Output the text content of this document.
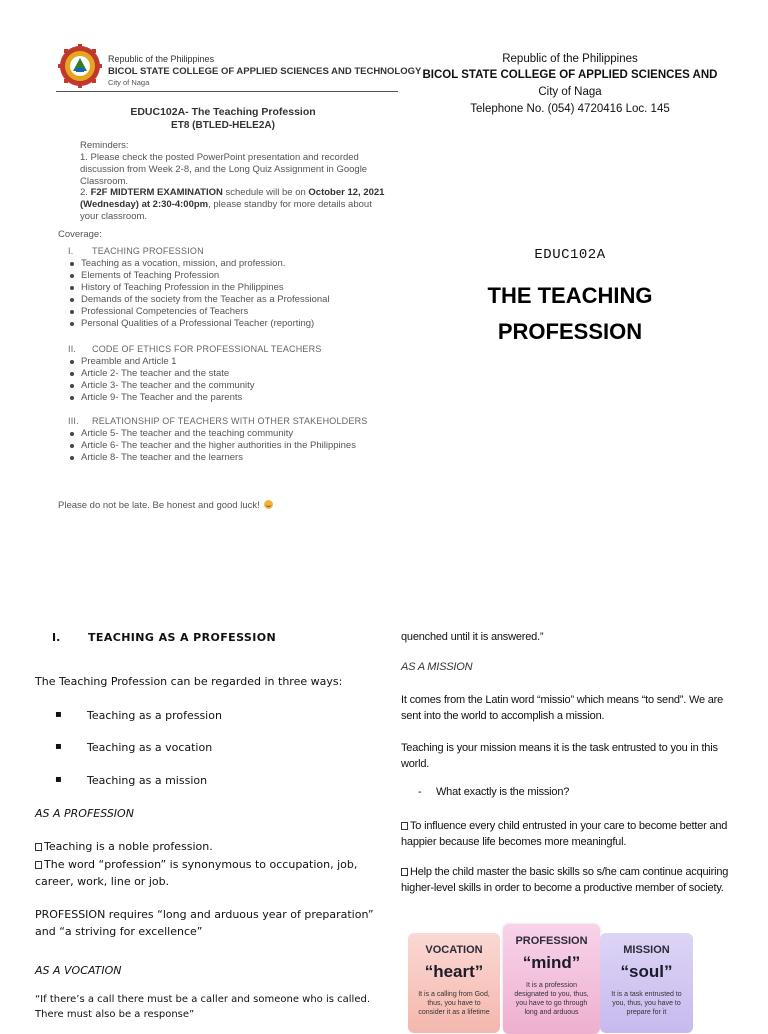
Republic of the Philippines
BICOL STATE COLLEGE OF APPLIED SCIENCES AND TECHNOLOGY
City of Naga
EDUC102A- The Teaching Profession
ET8 (BTLED-HELE2A)
Reminders:
1. Please check the posted PowerPoint presentation and recorded discussion from Week 2-8, and the Long Quiz Assignment in Google Classroom.
2. F2F MIDTERM EXAMINATION schedule will be on October 12, 2021 (Wednesday) at 2:30-4:00pm, please standby for more details about your classroom.
Coverage:
I. TEACHING PROFESSION
Teaching as a vocation, mission, and profession.
Elements of Teaching Profession
History of Teaching Profession in the Philippines
Demands of the society from the Teacher as a Professional
Professional Competencies of Teachers
Personal Qualities of a Professional Teacher (reporting)
II. CODE OF ETHICS FOR PROFESSIONAL TEACHERS
Preamble and Article 1
Article 2- The teacher and the state
Article 3- The teacher and the community
Article 9- The Teacher and the parents
III. RELATIONSHIP OF TEACHERS WITH OTHER STAKEHOLDERS
Article 5- The teacher and the teaching community
Article 6- The teacher and the higher authorities in the Philippines
Article 8- The teacher and the learners
Please do not be late. Be honest and good luck!
Republic of the Philippines
BICOL STATE COLLEGE OF APPLIED SCIENCES AND
City of Naga
Telephone No. (054) 4720416 Loc. 145
EDUC102A
THE TEACHING
PROFESSION
I.	TEACHING AS A PROFESSION
The Teaching Profession can be regarded in three ways:
▪ Teaching as a profession
▪ Teaching as a vocation
▪ Teaching as a mission
AS A PROFESSION
Teaching is a noble profession.
The word “profession” is synonymous to occupation, job, career, work, line or job.
PROFESSION requires “long and arduous year of preparation” and “a striving for excellence”
AS A VOCATION
“If there’s a call there must be a caller and someone who is called. There must also be a response”
quenched until it is answered.”
AS A MISSION
It comes from the Latin word “missio” which means “to send”. We are sent into the world to accomplish a mission.
Teaching is your mission means it is the task entrusted to you in this world.
- What exactly is the mission?
To influence every child entrusted in your care to become better and happier because life becomes more meaningful.
Help the child master the basic skills so s/he cam continue acquiring higher-level skills in order to become a productive member of society.
VOCATION
“heart”
It is a calling from God, thus, you have to consider it as a lifetime
PROFESSION
“mind”
It is a profession designated to you, thus, you have to go through long and arduous
MISSION
“soul”
It is a task entrusted to you, thus, you have to prepare for it
